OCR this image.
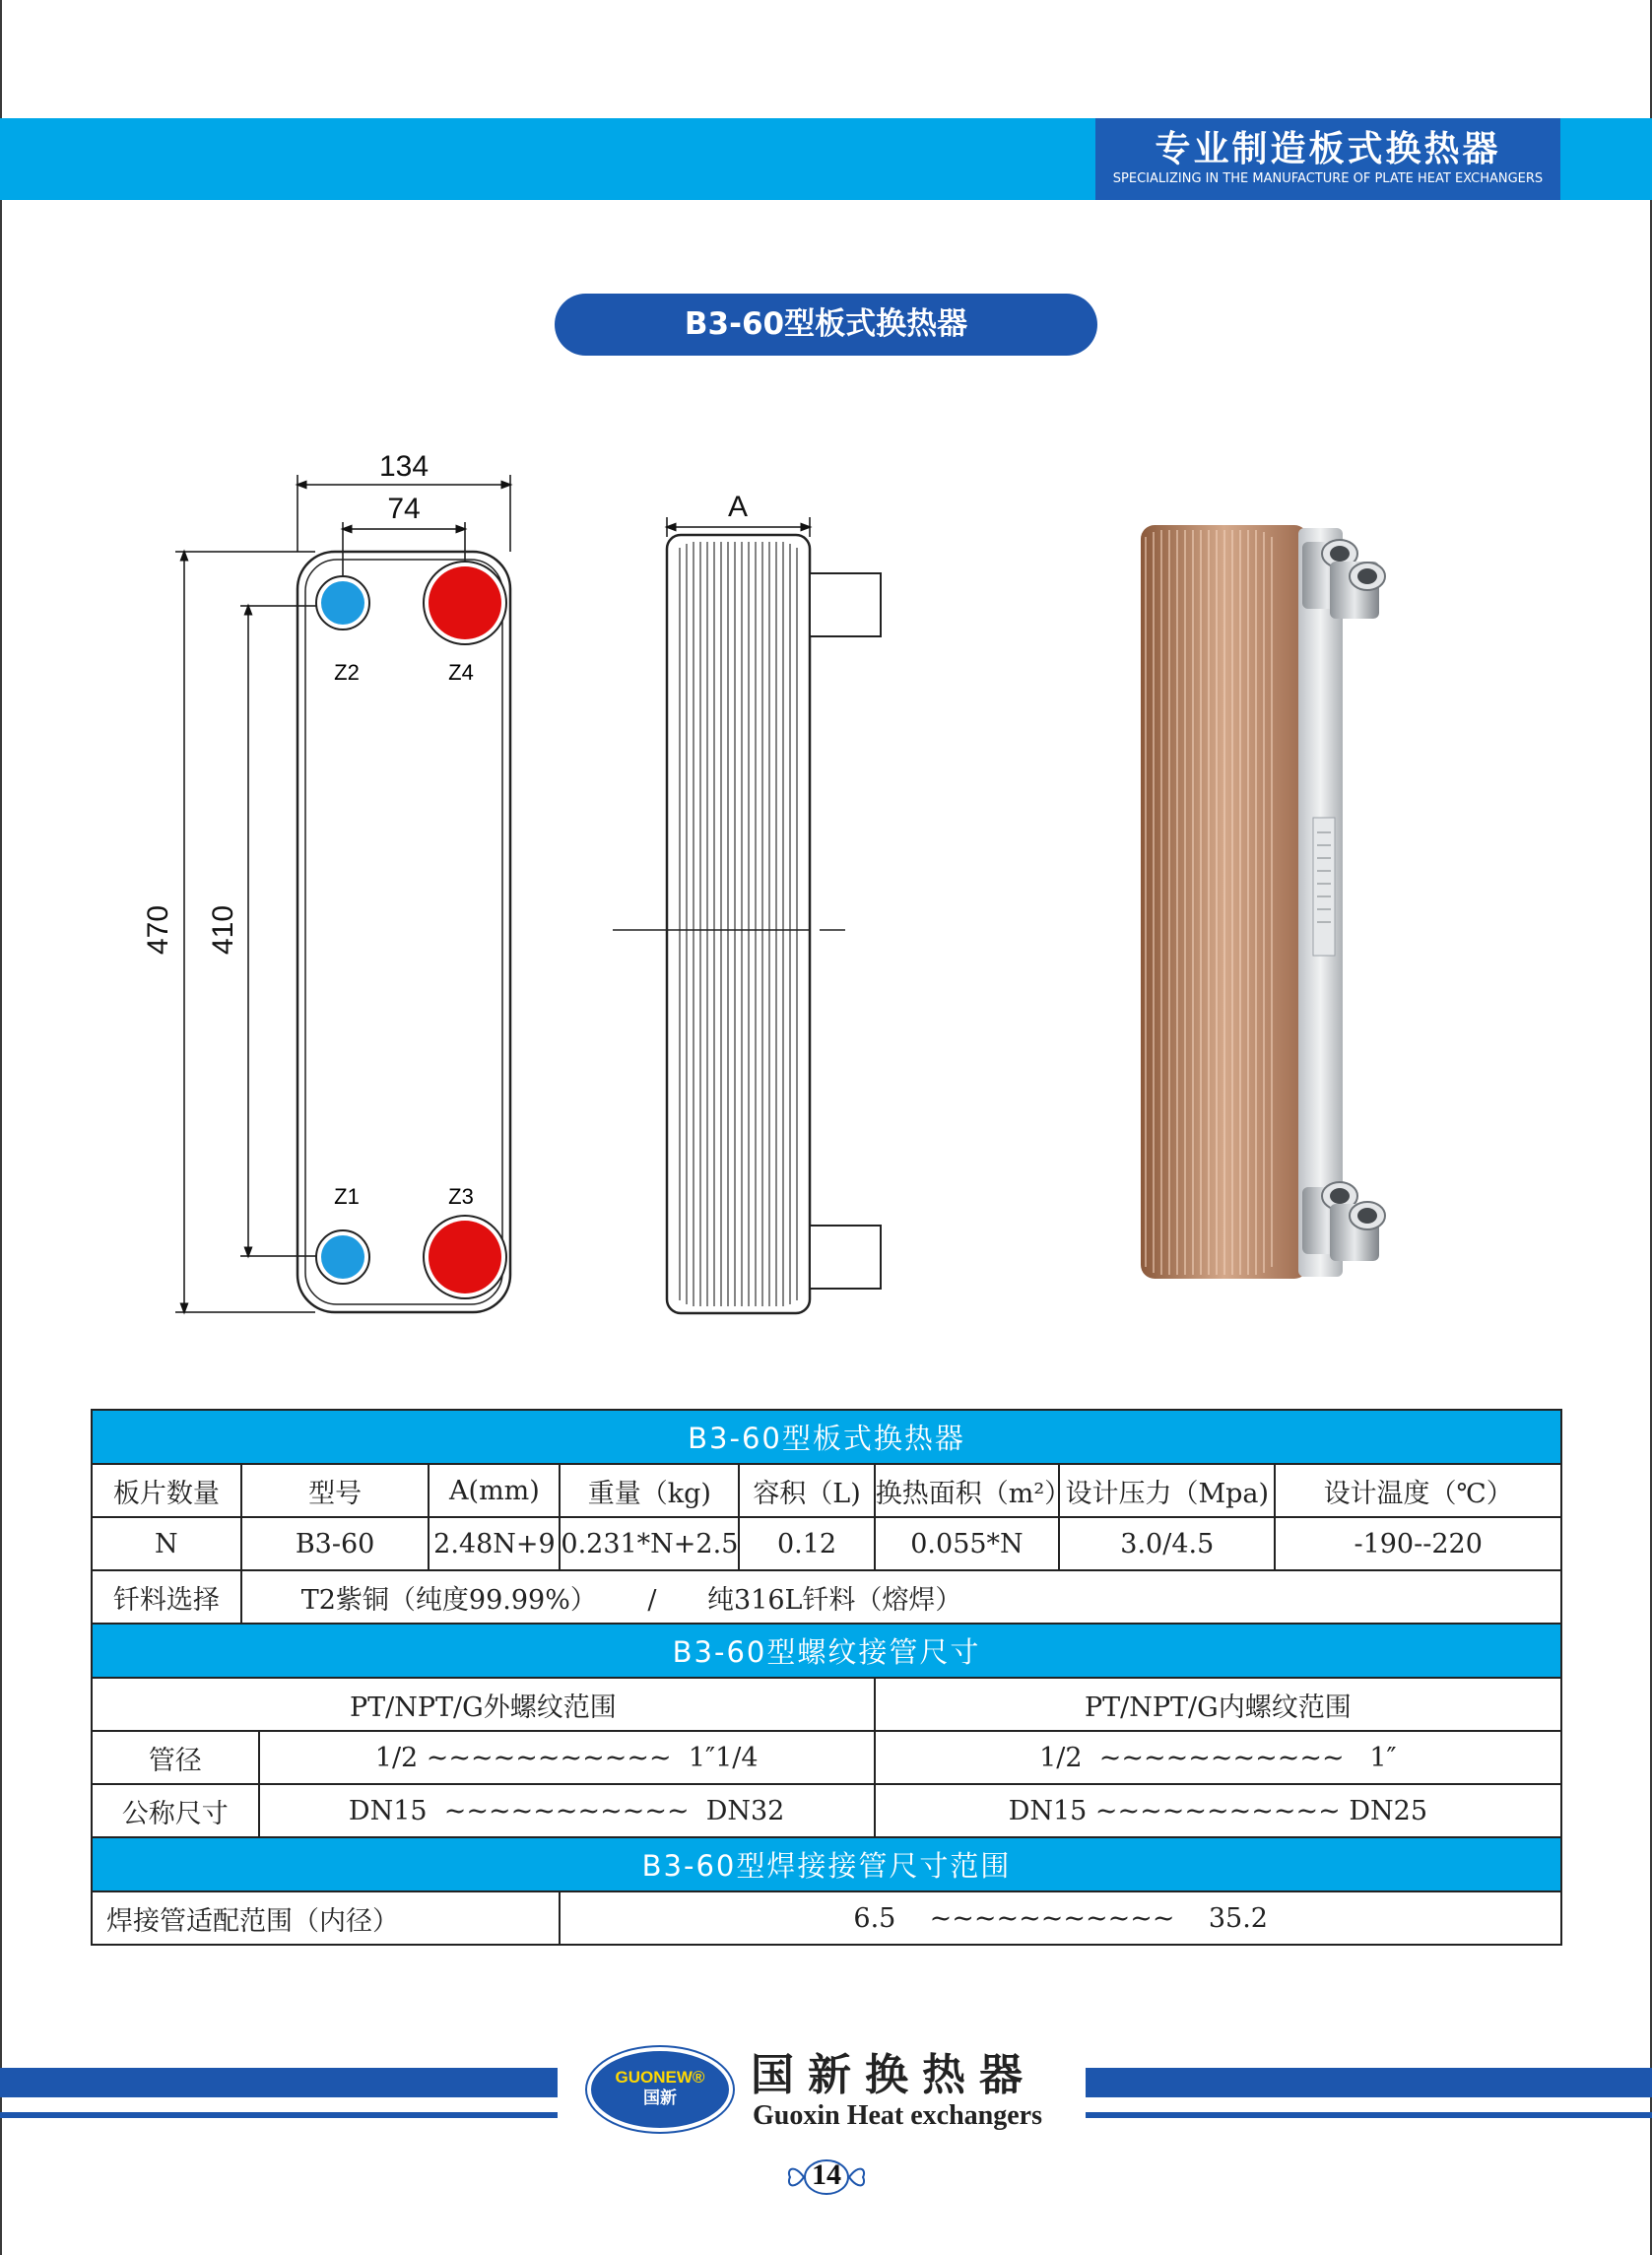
专业制造板式换热器
SPECIALIZING IN THE MANUFACTURE OF PLATE HEAT EXCHANGERS
B3-60型板式换热器
134
74
470 410
Z2	Z4
Z1	Z3
A
B3-60型板式换热器								
板片数量	型号		A(mm)	重量（kg)	容积（L)	换热面积（m²）	设计压力（Mpa)	设计温度（℃）
N	B3-60		2.48N+9	0.231*N+2.5	0.12	0.055*N	3.0/4.5	-190--220
钎料选择	T2紫铜（纯度99.99%）      /      纯316L钎料（熔焊）							
B3-60型螺纹接管尺寸								
PT/NPT/G外螺纹范围						PT/NPT/G内螺纹范围		
管径		1/2 ~~~~~~~~~~~  1″1/4				1/2  ~~~~~~~~~~~   1″		
公称尺寸		DN15  ~~~~~~~~~~~  DN32				DN15 ~~~~~~~~~~~ DN25		
B3-60型焊接接管尺寸范围								
焊接管适配范围（内径）				6.5    ~~~~~~~~~~~    35.2				
GUONEW®
国新	国新换热器
Guoxin Heat exchangers
14
